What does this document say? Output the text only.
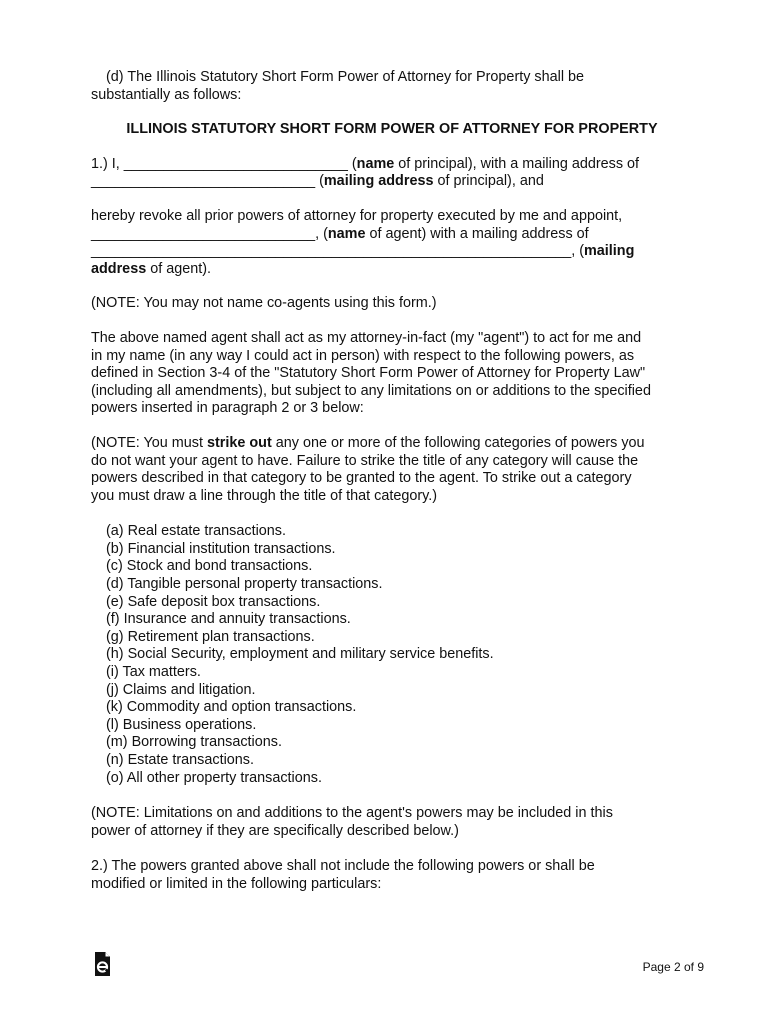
(d) The Illinois Statutory Short Form Power of Attorney for Property shall be

substantially as follows:

ILLINOIS STATUTORY SHORT FORM POWER OF ATTORNEY FOR PROPERTY

1.) I, ____________________________ (name of principal), with a mailing address of

____________________________ (mailing address of principal), and

hereby revoke all prior powers of attorney for property executed by me and appoint,

____________________________, (name of agent) with a mailing address of

____________________________________________________________, (mailing

address of agent).

(NOTE: You may not name co-agents using this form.)

The above named agent shall act as my attorney-in-fact (my "agent") to act for me and

in my name (in any way I could act in person) with respect to the following powers, as

defined in Section 3-4 of the "Statutory Short Form Power of Attorney for Property Law"

(including all amendments), but subject to any limitations on or additions to the specified

powers inserted in paragraph 2 or 3 below:

(NOTE: You must strike out any one or more of the following categories of powers you

do not want your agent to have. Failure to strike the title of any category will cause the

powers described in that category to be granted to the agent. To strike out a category

you must draw a line through the title of that category.)

(a) Real estate transactions.
(b) Financial institution transactions.
(c) Stock and bond transactions.
(d) Tangible personal property transactions.
(e) Safe deposit box transactions.
(f) Insurance and annuity transactions.
(g) Retirement plan transactions.
(h) Social Security, employment and military service benefits.
(i) Tax matters.
(j) Claims and litigation.
(k) Commodity and option transactions.
(l) Business operations.
(m) Borrowing transactions.
(n) Estate transactions.
(o) All other property transactions.

(NOTE: Limitations on and additions to the agent's powers may be included in this

power of attorney if they are specifically described below.)

2.) The powers granted above shall not include the following powers or shall be

modified or limited in the following particulars:

Page 2 of 9
